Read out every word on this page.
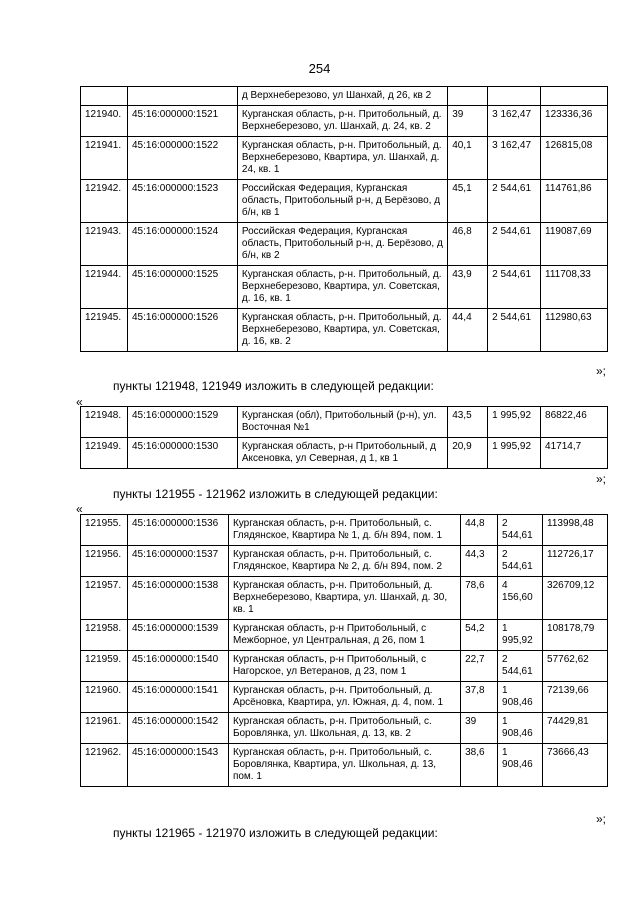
254
		д Верхнеберезово, ул Шанхай, д 26, кв 2			
121940.	45:16:000000:1521	Курганская область, р-н. Притобольный, д. Верхнеберезово, ул. Шанхай, д. 24, кв. 2	39	3 162,47	123336,36
121941.	45:16:000000:1522	Курганская область, р-н. Притобольный, д. Верхнеберезово, Квартира, ул. Шанхай, д. 24, кв. 1	40,1	3 162,47	126815,08
121942.	45:16:000000:1523	Российская Федерация, Курганская область, Притобольный р-н, д Берёзово, д б/н, кв 1	45,1	2 544,61	114761,86
121943.	45:16:000000:1524	Российская Федерация, Курганская область, Притобольный р-н, д. Берёзово, д б/н, кв 2	46,8	2 544,61	119087,69
121944.	45:16:000000:1525	Курганская область, р-н. Притобольный, д. Верхнеберезово, Квартира, ул. Советская, д. 16, кв. 1	43,9	2 544,61	111708,33
121945.	45:16:000000:1526	Курганская область, р-н. Притобольный, д. Верхнеберезово, Квартира, ул. Советская, д. 16, кв. 2	44,4	2 544,61	112980,63
»;
пункты 121948, 121949 изложить в следующей редакции:
«
121948.	45:16:000000:1529	Курганская (обл), Притобольный (р-н), ул. Восточная №1	43,5	1 995,92	86822,46
121949.	45:16:000000:1530	Курганская область, р-н Притобольный, д Аксеновка, ул Северная, д 1, кв 1	20,9	1 995,92	41714,7
»;
пункты 121955 - 121962 изложить в следующей редакции:
«
121955.	45:16:000000:1536	Курганская область, р-н. Притобольный, с. Глядянское, Квартира № 1, д. б/н 894, пом. 1	44,8	2 544,61	113998,48
121956.	45:16:000000:1537	Курганская область, р-н. Притобольный, с. Глядянское, Квартира № 2, д. б/н 894, пом. 2	44,3	2 544,61	112726,17
121957.	45:16:000000:1538	Курганская область, р-н. Притобольный, д. Верхнеберезово, Квартира, ул. Шанхай, д. 30, кв. 1	78,6	4 156,60	326709,12
121958.	45:16:000000:1539	Курганская область, р-н Притобольный, с Межборное, ул Центральная, д 26, пом 1	54,2	1 995,92	108178,79
121959.	45:16:000000:1540	Курганская область, р-н Притобольный, с Нагорское, ул Ветеранов, д 23, пом 1	22,7	2 544,61	57762,62
121960.	45:16:000000:1541	Курганская область, р-н. Притобольный, д. Арсёновка, Квартира, ул. Южная, д. 4, пом. 1	37,8	1 908,46	72139,66
121961.	45:16:000000:1542	Курганская область, р-н. Притобольный, с. Боровлянка, ул. Школьная, д. 13, кв. 2	39	1 908,46	74429,81
121962.	45:16:000000:1543	Курганская область, р-н. Притобольный, с. Боровлянка, Квартира, ул. Школьная, д. 13, пом. 1	38,6	1 908,46	73666,43
»;
пункты 121965 - 121970 изложить в следующей редакции:
